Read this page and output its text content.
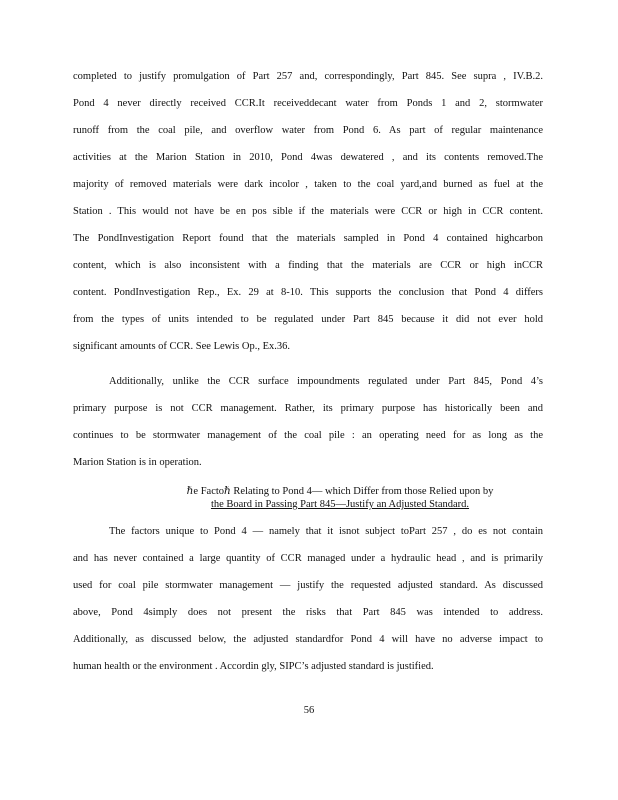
completed to justify promulgation of Part 257 and, correspondingly, Part 845. See supra , IV.B.2.

Pond 4 never directly received CCR.It receiveddecant water from Ponds 1 and 2, stormwater

runoff from the coal pile, and overflow water from Pond 6. As part of regular maintenance

activities at the Marion Station in 2010, Pond 4was dewatered , and its contents removed.The

majority of removed materials were dark incolor , taken to the coal yard,and burned as fuel at the

Station . This would not have be en pos sible if the materials were CCR or high in CCR content.

The PondInvestigation Report found that the materials sampled in Pond 4 contained highcarbon

content, which is also inconsistent with a finding that the materials are CCR or high inCCR

content. PondInvestigation Rep., Ex. 29 at 8-10. This supports the conclusion that Pond 4 differs

from the types of units intended to be regulated under Part 845 because it did not ever hold

significant amounts of CCR. See Lewis Op., Ex.36.

Additionally, unlike the CCR surface impoundments regulated under Part 845, Pond 4’s

primary purpose is not CCR management. Rather, its primary purpose has historically been and

continues to be stormwater management of the coal pile : an operating need for as long as the

Marion Station is in operation.

ℏe Factoℏ Relating to Pond 4— which Differ from those Relied upon by
the Board in Passing Part 845—Justify an Adjusted Standard.

The factors unique to Pond 4 — namely that it isnot subject toPart 257 , do es not contain

and has never contained a large quantity of CCR managed under a hydraulic head , and is primarily

used for coal pile stormwater management — justify the requested adjusted standard. As discussed

above, Pond 4simply does not present the risks that Part 845 was intended to address.

Additionally, as discussed below, the adjusted standardfor Pond 4 will have no adverse impact to

human health or the environment . Accordin gly, SIPC’s adjusted standard is justified.

56
